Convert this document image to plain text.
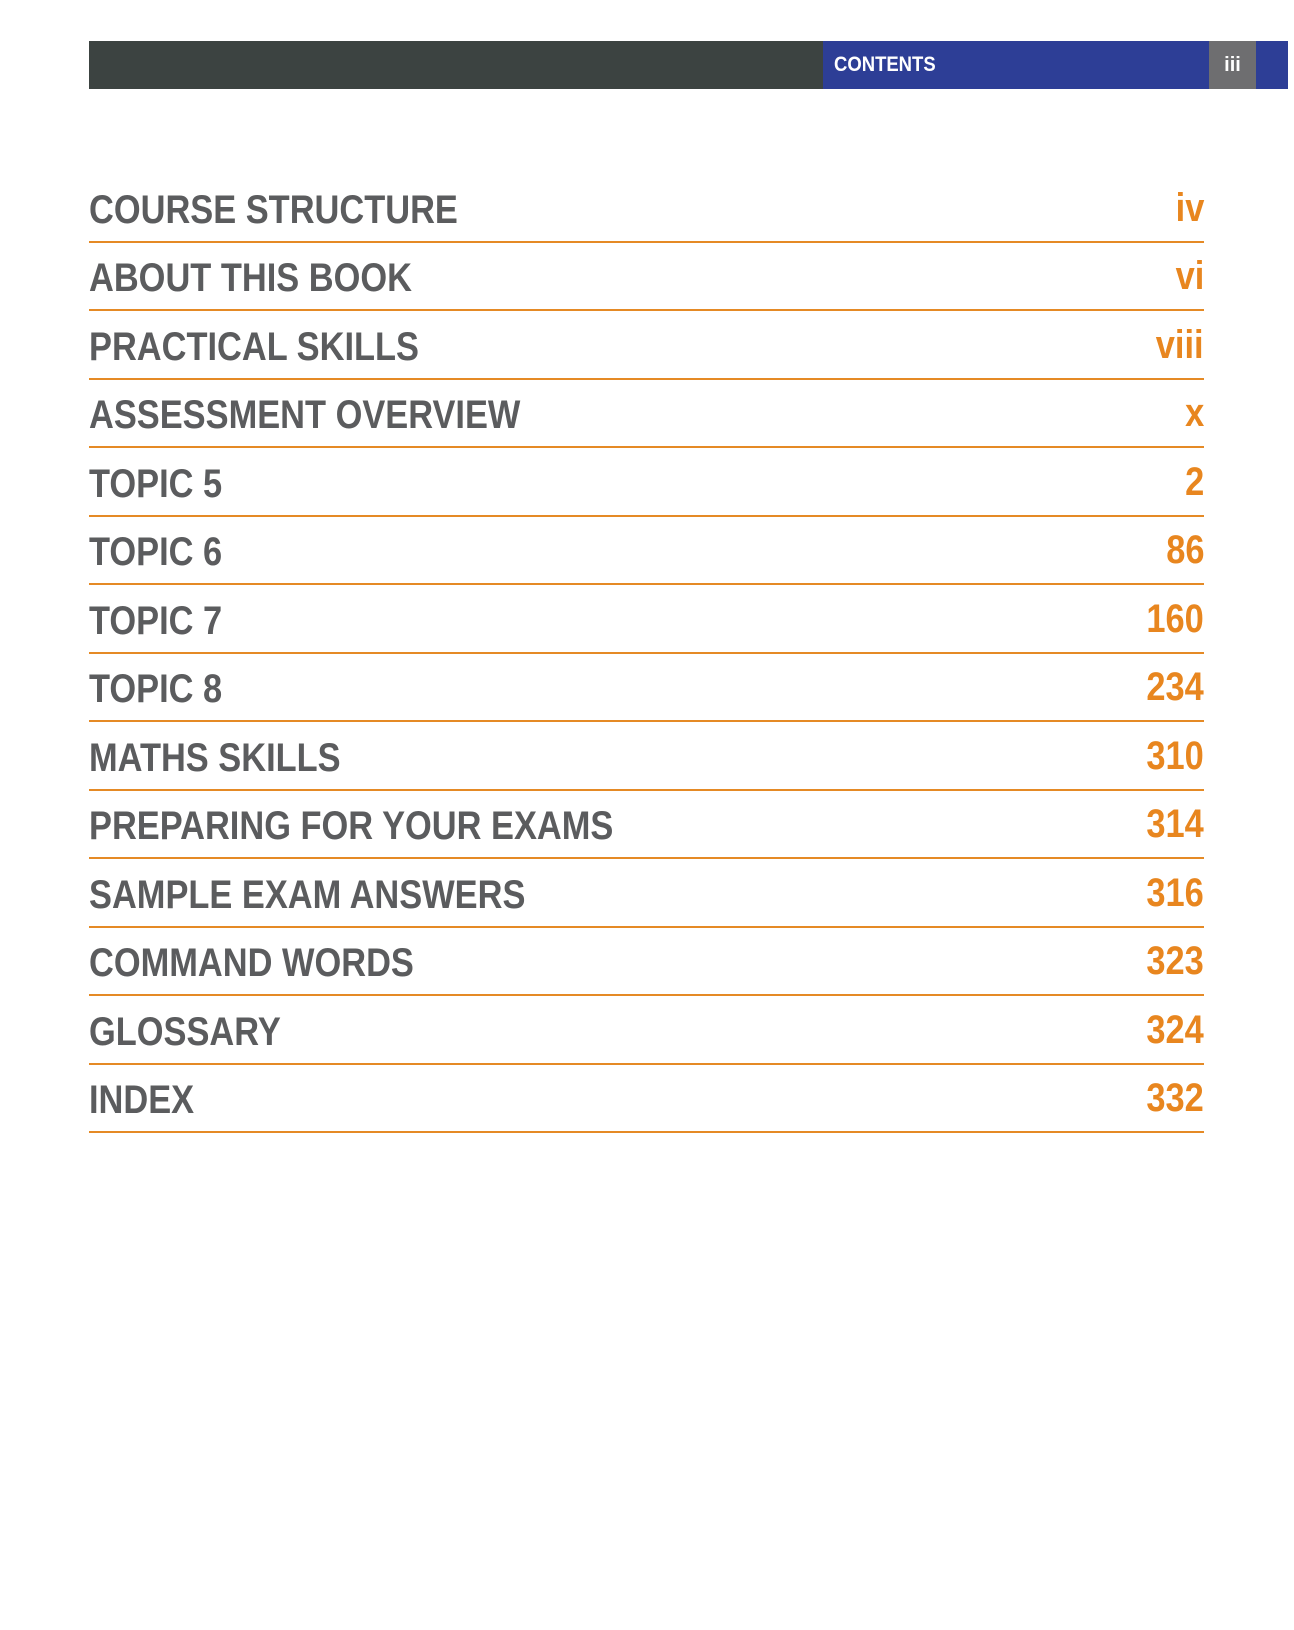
CONTENTS	iii
COURSE STRUCTURE	iv
ABOUT THIS BOOK	vi
PRACTICAL SKILLS	viii
ASSESSMENT OVERVIEW	x
TOPIC 5	2
TOPIC 6	86
TOPIC 7	160
TOPIC 8	234
MATHS SKILLS	310
PREPARING FOR YOUR EXAMS	314
SAMPLE EXAM ANSWERS	316
COMMAND WORDS	323
GLOSSARY	324
INDEX	332
